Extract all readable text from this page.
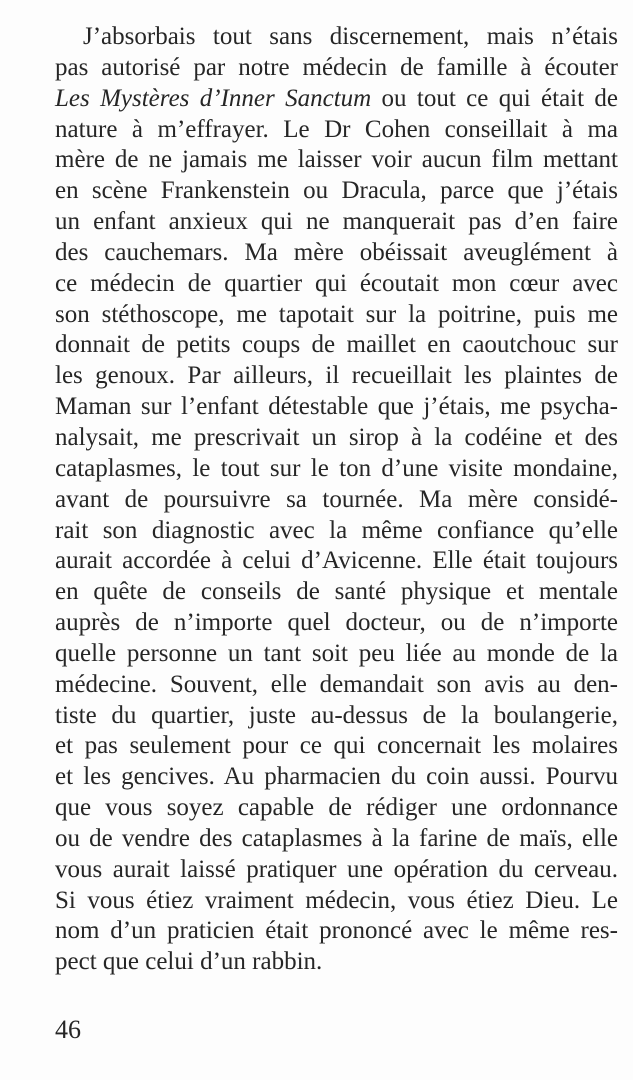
J’absorbais tout sans discernement, mais n’étais
pas autorisé par notre médecin de famille à écouter
Les Mystères d’Inner Sanctum ou tout ce qui était de
nature à m’effrayer. Le Dr Cohen conseillait à ma
mère de ne jamais me laisser voir aucun film mettant
en scène Frankenstein ou Dracula, parce que j’étais
un enfant anxieux qui ne manquerait pas d’en faire
des cauchemars. Ma mère obéissait aveuglément à
ce médecin de quartier qui écoutait mon cœur avec
son stéthoscope, me tapotait sur la poitrine, puis me
donnait de petits coups de maillet en caoutchouc sur
les genoux. Par ailleurs, il recueillait les plaintes de
Maman sur l’enfant détestable que j’étais, me psycha-
nalysait, me prescrivait un sirop à la codéine et des
cataplasmes, le tout sur le ton d’une visite mondaine,
avant de poursuivre sa tournée. Ma mère considé-
rait son diagnostic avec la même confiance qu’elle
aurait accordée à celui d’Avicenne. Elle était toujours
en quête de conseils de santé physique et mentale
auprès de n’importe quel docteur, ou de n’importe
quelle personne un tant soit peu liée au monde de la
médecine. Souvent, elle demandait son avis au den-
tiste du quartier, juste au-dessus de la boulangerie,
et pas seulement pour ce qui concernait les molaires
et les gencives. Au pharmacien du coin aussi. Pourvu
que vous soyez capable de rédiger une ordonnance
ou de vendre des cataplasmes à la farine de maïs, elle
vous aurait laissé pratiquer une opération du cerveau.
Si vous étiez vraiment médecin, vous étiez Dieu. Le
nom d’un praticien était prononcé avec le même res-
pect que celui d’un rabbin.
46
